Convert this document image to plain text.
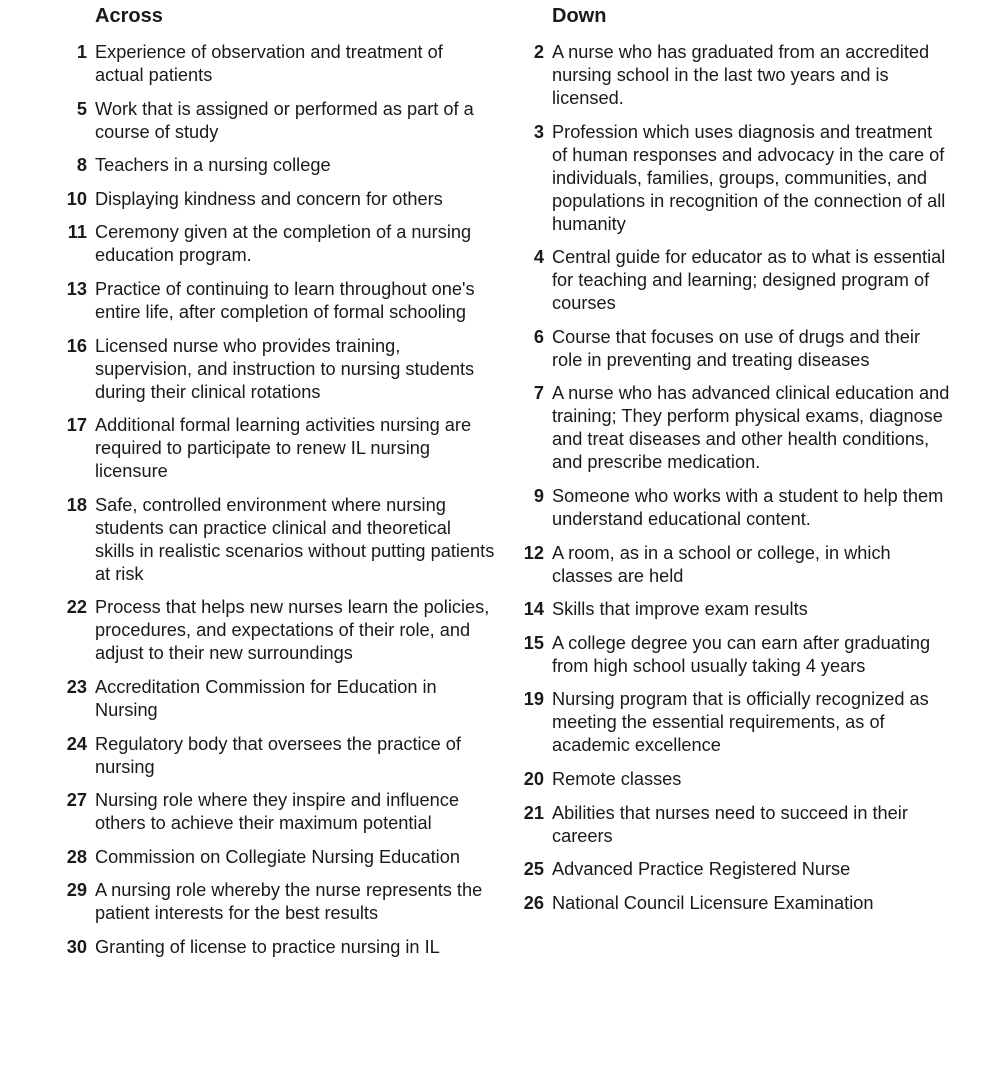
Across
1 Experience of observation and treatment of actual patients
5 Work that is assigned or performed as part of a course of study
8 Teachers in a nursing college
10 Displaying kindness and concern for others
11 Ceremony given at the completion of a nursing education program.
13 Practice of continuing to learn throughout one's entire life, after completion of formal schooling
16 Licensed nurse who provides training, supervision, and instruction to nursing students during their clinical rotations
17 Additional formal learning activities nursing are required to participate to renew IL nursing licensure
18 Safe, controlled environment where nursing students can practice clinical and theoretical skills in realistic scenarios without putting patients at risk
22 Process that helps new nurses learn the policies, procedures, and expectations of their role, and adjust to their new surroundings
23 Accreditation Commission for Education in Nursing
24 Regulatory body that oversees the practice of nursing
27 Nursing role where they inspire and influence others to achieve their maximum potential
28 Commission on Collegiate Nursing Education
29 A nursing role whereby the nurse represents the patient interests for the best results
30 Granting of license to practice nursing in IL
Down
2 A nurse who has graduated from an accredited nursing school in the last two years and is licensed.
3 Profession which uses diagnosis and treatment of human responses and advocacy in the care of individuals, families, groups, communities, and populations in recognition of the connection of all humanity
4 Central guide for educator as to what is essential for teaching and learning; designed program of courses
6 Course that focuses on use of drugs and their role in preventing and treating diseases
7 A nurse who has advanced clinical education and training; They perform physical exams, diagnose and treat diseases and other health conditions, and prescribe medication.
9 Someone who works with a student to help them understand educational content.
12 A room, as in a school or college, in which classes are held
14 Skills that improve exam results
15 A college degree you can earn after graduating from high school usually taking 4 years
19 Nursing program that is officially recognized as meeting the essential requirements, as of academic excellence
20 Remote classes
21 Abilities that nurses need to succeed in their careers
25 Advanced Practice Registered Nurse
26 National Council Licensure Examination
